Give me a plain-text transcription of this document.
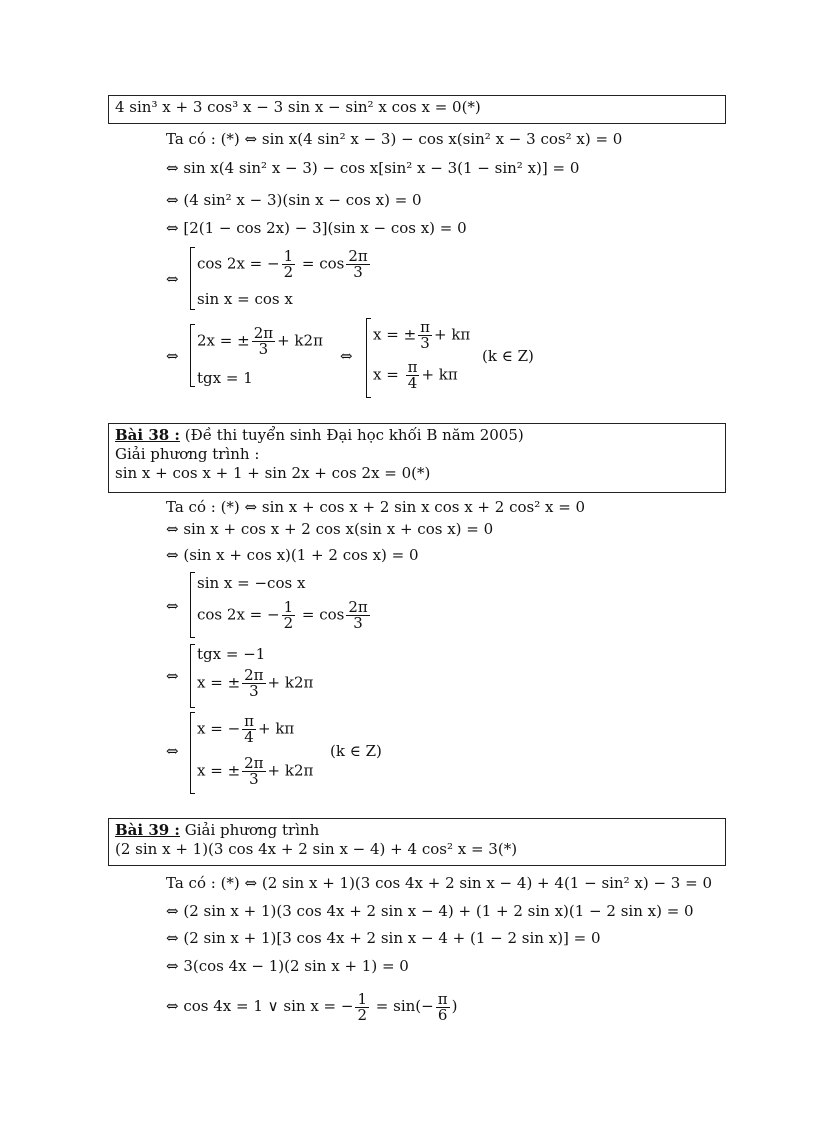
4 sin³ x + 3 cos³ x − 3 sin x − sin² x cos x = 0(*)
Ta có : (*) ⇔ sin x(4 sin² x − 3) − cos x(sin² x − 3 cos² x) = 0
⇔ sin x(4 sin² x − 3) − cos x[sin² x − 3(1 − sin² x)] = 0
⇔ (4 sin² x − 3)(sin x − cos x) = 0
⇔ [2(1 − cos 2x) − 3](sin x − cos x) = 0
⇔
cos 2x = − $\frac{1}{2} = \cos \frac{2\pi}{3}$
sin x = cos x
⇔
2x = ± $\frac{2\pi}{3} + k2\pi$
tgx = 1
⇔
x = ± $\frac{\pi}{3} + k\pi$
$x = \frac{\pi}{4} + k\pi$
(k ∈ Z)
Bài 38 : (Đề thi tuyển sinh Đại học khối B năm 2005)
Giải phương trình :
sin x + cos x + 1 + sin 2x + cos 2x = 0(*)
Ta có : (*) ⇔ sin x + cos x + 2 sin x cos x + 2 cos² x = 0
⇔ sin x + cos x + 2 cos x(sin x + cos x) = 0
⇔ (sin x + cos x)(1 + 2 cos x) = 0
⇔
sin x = −cos x
cos 2x = − $\frac{1}{2} = \cos \frac{2\pi}{3}$
⇔
tgx = −1
x = ± $\frac{2\pi}{3} + k2\pi$
⇔
x = − $\frac{\pi}{4} + k\pi$
x = ± $\frac{2\pi}{3} + k2\pi$
(k ∈ Z)
Bài 39 : Giải phương trình
(2 sin x + 1)(3 cos 4x + 2 sin x − 4) + 4 cos² x = 3(*)
Ta có : (*) ⇔ (2 sin x + 1)(3 cos 4x + 2 sin x − 4) + 4(1 − sin² x) − 3 = 0
⇔ (2 sin x + 1)(3 cos 4x + 2 sin x − 4) + (1 + 2 sin x)(1 − 2 sin x) = 0
⇔ (2 sin x + 1)[3 cos 4x + 2 sin x − 4 + (1 − 2 sin x)] = 0
⇔ 3(cos 4x − 1)(2 sin x + 1) = 0
⇔ cos 4x = 1 ∨ sin x = − $\frac{1}{2} = \sin(- \frac{\pi}{6}$ )
